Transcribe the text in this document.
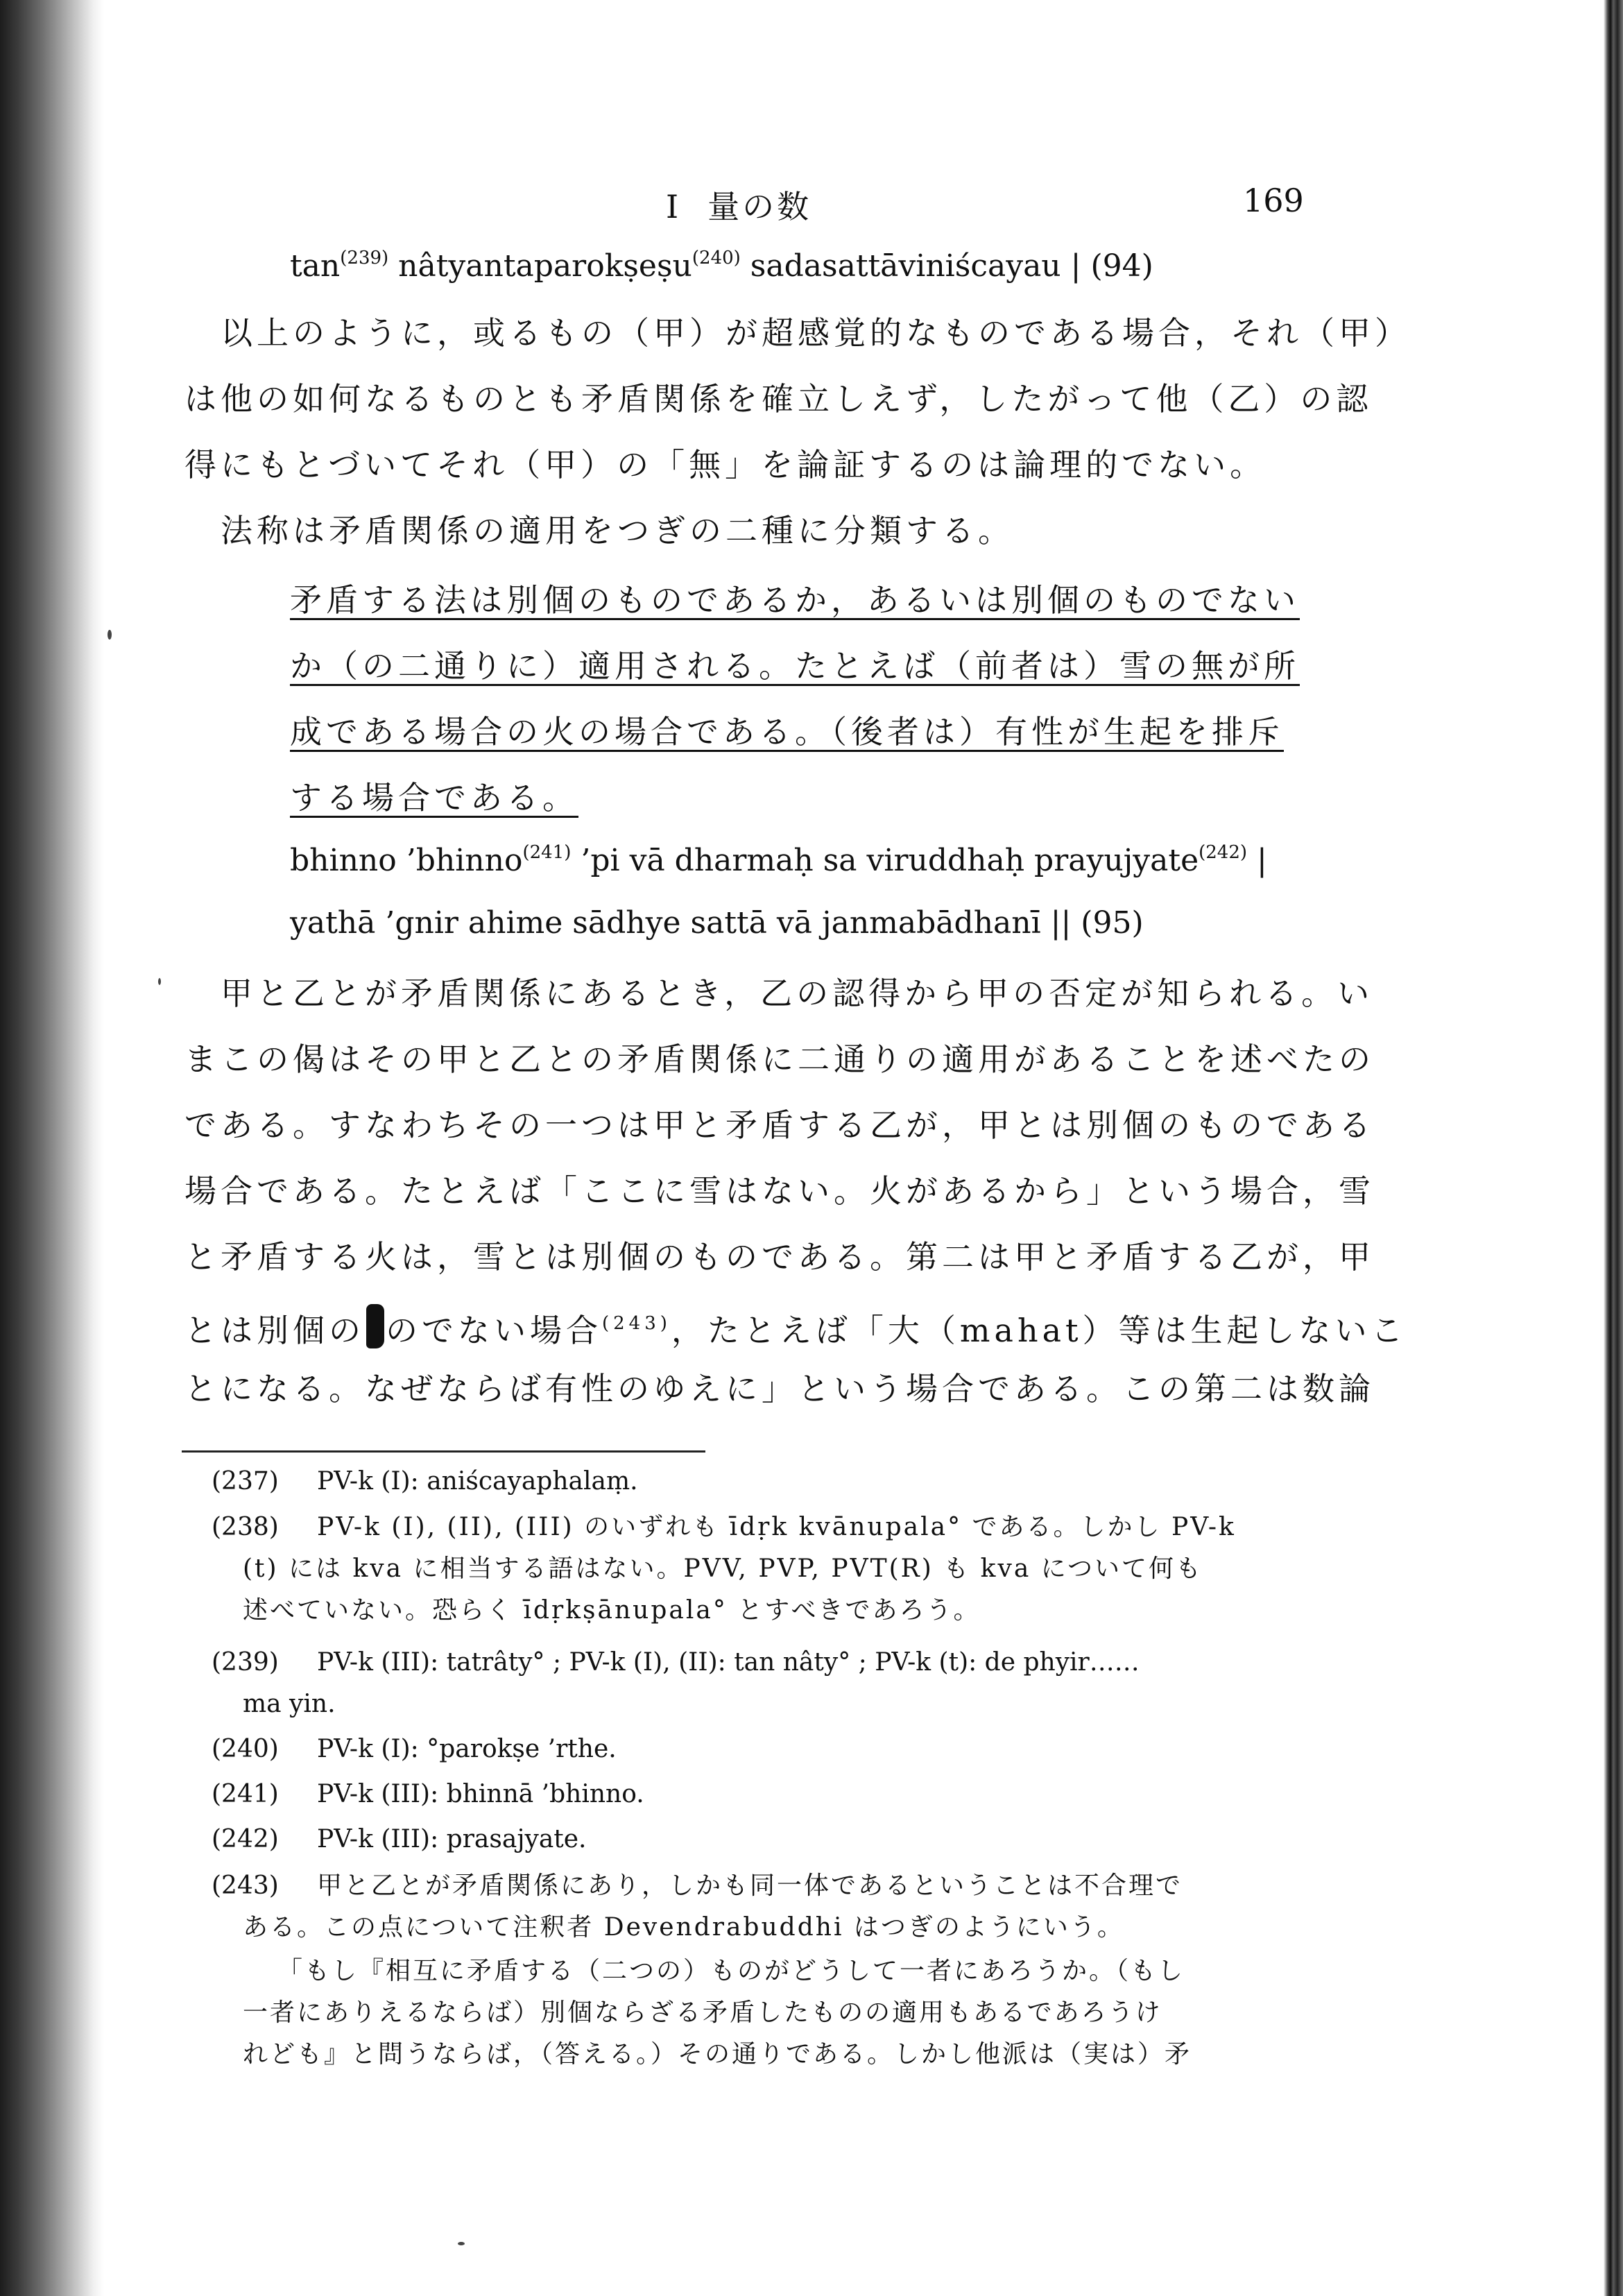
I 量の数	169
$\tan^{(239)}$ nâtyantaparokṣeṣu$^{(240)}$ sadasattāviniścayau | (94)
以上のように，或るもの（甲）が超感覚的なものである場合，それ（甲）
は他の如何なるものとも矛盾関係を確立しえず，したがって他（乙）の認
得にもとづいてそれ（甲）の「無」を論証するのは論理的でない。
法称は矛盾関係の適用をつぎの二種に分類する。
矛盾する法は別個のものであるか，あるいは別個のものでない
か（の二通りに）適用される。たとえば（前者は）雪の無が所
成である場合の火の場合である。（後者は）有性が生起を排斥
する場合である。
bhinno ’bhinno$^{(241)}$ ’pi vā dharmaḥ sa viruddhaḥ prayujyate$^{(242)}$ |
yathā ’gnir ahime sādhye sattā vā janmabādhanī || (95)
甲と乙とが矛盾関係にあるとき，乙の認得から甲の否定が知られる。い
まこの偈はその甲と乙との矛盾関係に二通りの適用があることを述べたの
である。すなわちその一つは甲と矛盾する乙が，甲とは別個のものである
場合である。たとえば「ここに雪はない。火があるから」という場合，雪
と矛盾する火は，雪とは別個のものである。第二は甲と矛盾する乙が，甲
とは別個の のでない場合$^{(243)}$，たとえば「大（mahat）等は生起しないこ
とになる。なぜならば有性のゆえに」という場合である。この第二は数論
(237) PV-k (I): aniścayaphalaṃ.
(238) PV-k (I), (II), (III) のいずれも īdṛk kvānupala° である。しかし PV-k
(t) には kva に相当する語はない。PVV, PVP, PVT(R) も kva について何も
述べていない。恐らく īdṛkṣānupala° とすべきであろう。
(239) PV-k (III): tatrâty° ; PV-k (I), (II): tan nâty° ; PV-k (t): de phyir……
ma yin.
(240) PV-k (I): °parokṣe ’rthe.
(241) PV-k (III): bhinnā ’bhinno.
(242) PV-k (III): prasajyate.
(243) 甲と乙とが矛盾関係にあり，しかも同一体であるということは不合理で
ある。この点について注釈者 Devendrabuddhi はつぎのようにいう。
「もし『相互に矛盾する（二つの）ものがどうして一者にあろうか。（もし
一者にありえるならば）別個ならざる矛盾したものの適用もあるであろうけ
れども』と問うならば，（答える。）その通りである。しかし他派は（実は）矛
